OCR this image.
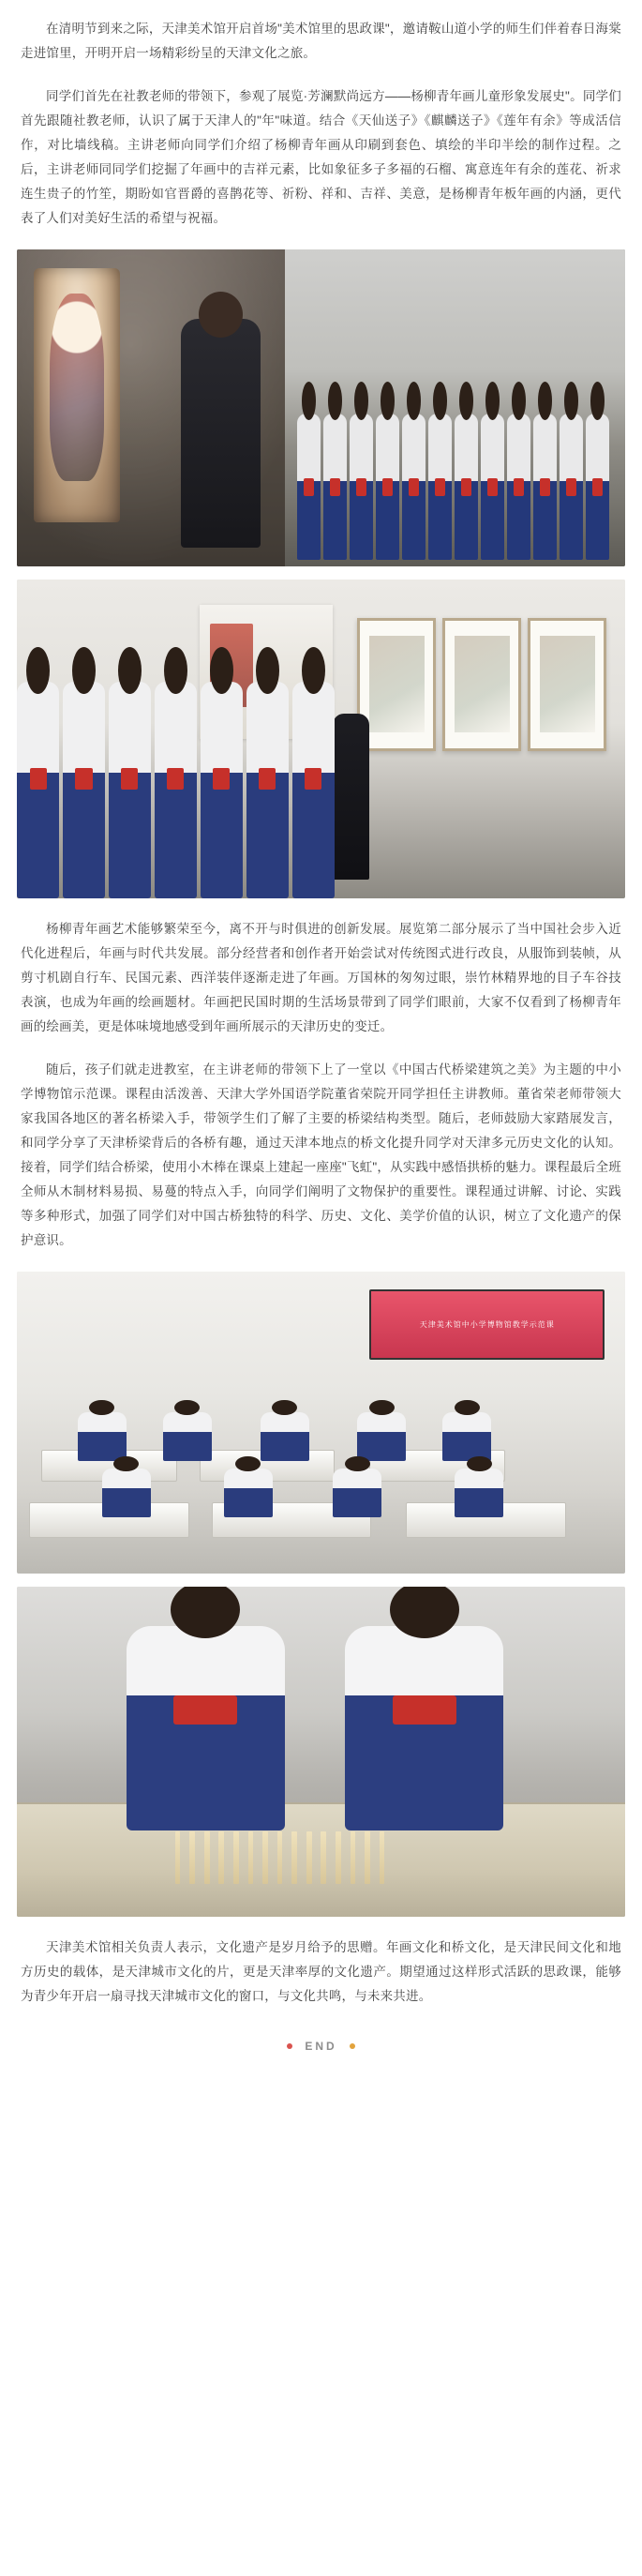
在清明节到来之际，天津美术馆开启首场"美术馆里的思政课"，邀请鞍山道小学的师生们伴着春日海棠走进馆里，开明开启一场精彩纷呈的天津文化之旅。

同学们首先在社教老师的带领下，参观了展览·芳澜默尚远方——杨柳青年画儿童形象发展史"。同学们首先跟随社教老师，认识了属于天津人的"年"味道。结合《天仙送子》《麒麟送子》《莲年有余》等成活信作，对比墙线稿。主讲老师向同学们介绍了杨柳青年画从印刷到套色、填绘的半印半绘的制作过程。之后，主讲老师同同学们挖掘了年画中的吉祥元素，比如象征多子多福的石榴、寓意连年有余的莲花、祈求连生贵子的竹笙，期盼如官晋爵的喜鹊花等、祈粉、祥和、吉祥、美意，是杨柳青年板年画的内涵，更代表了人们对美好生活的希望与祝福。

杨柳青年画艺术能够繁荣至今，离不开与时俱进的创新发展。展览第二部分展示了当中国社会步入近代化进程后，年画与时代共发展。部分经营者和创作者开始尝试对传统图式进行改良，从服饰到装帧，从剪寸机剧自行车、民国元素、西洋装伴逐渐走进了年画。万国林的匆匆过眼，崇竹林精界地的目子车谷技表演，也成为年画的绘画题材。年画把民国时期的生活场景带到了同学们眼前，大家不仅看到了杨柳青年画的绘画美，更是体味境地感受到年画所展示的天津历史的变迁。

随后，孩子们就走进教室，在主讲老师的带领下上了一堂以《中国古代桥梁建筑之美》为主题的中小学博物馆示范课。课程由活泼善、天津大学外国语学院董省荣院开同学担任主讲教师。董省荣老师带领大家我国各地区的著名桥梁入手，带领学生们了解了主要的桥梁结构类型。随后，老师鼓励大家踏展发言，和同学分享了天津桥梁背后的各桥有趣，通过天津本地点的桥文化提升同学对天津多元历史文化的认知。接着，同学们结合桥梁，使用小木棒在课桌上建起一座座"飞虹"，从实践中感悟拱桥的魅力。课程最后全班全师从木制材料易损、易蔓的特点入手，向同学们阐明了文物保护的重要性。课程通过讲解、讨论、实践等多种形式，加强了同学们对中国古桥独特的科学、历史、文化、美学价值的认识，树立了文化遗产的保护意识。

天津美术馆中小学博物馆教学示范课

天津美术馆相关负责人表示，文化遗产是岁月给予的思赠。年画文化和桥文化，是天津民间文化和地方历史的载体，是天津城市文化的片，更是天津率厚的文化遗产。期望通过这样形式活跃的思政课，能够为青少年开启一扇寻找天津城市文化的窗口，与文化共鸣，与未来共进。

END
